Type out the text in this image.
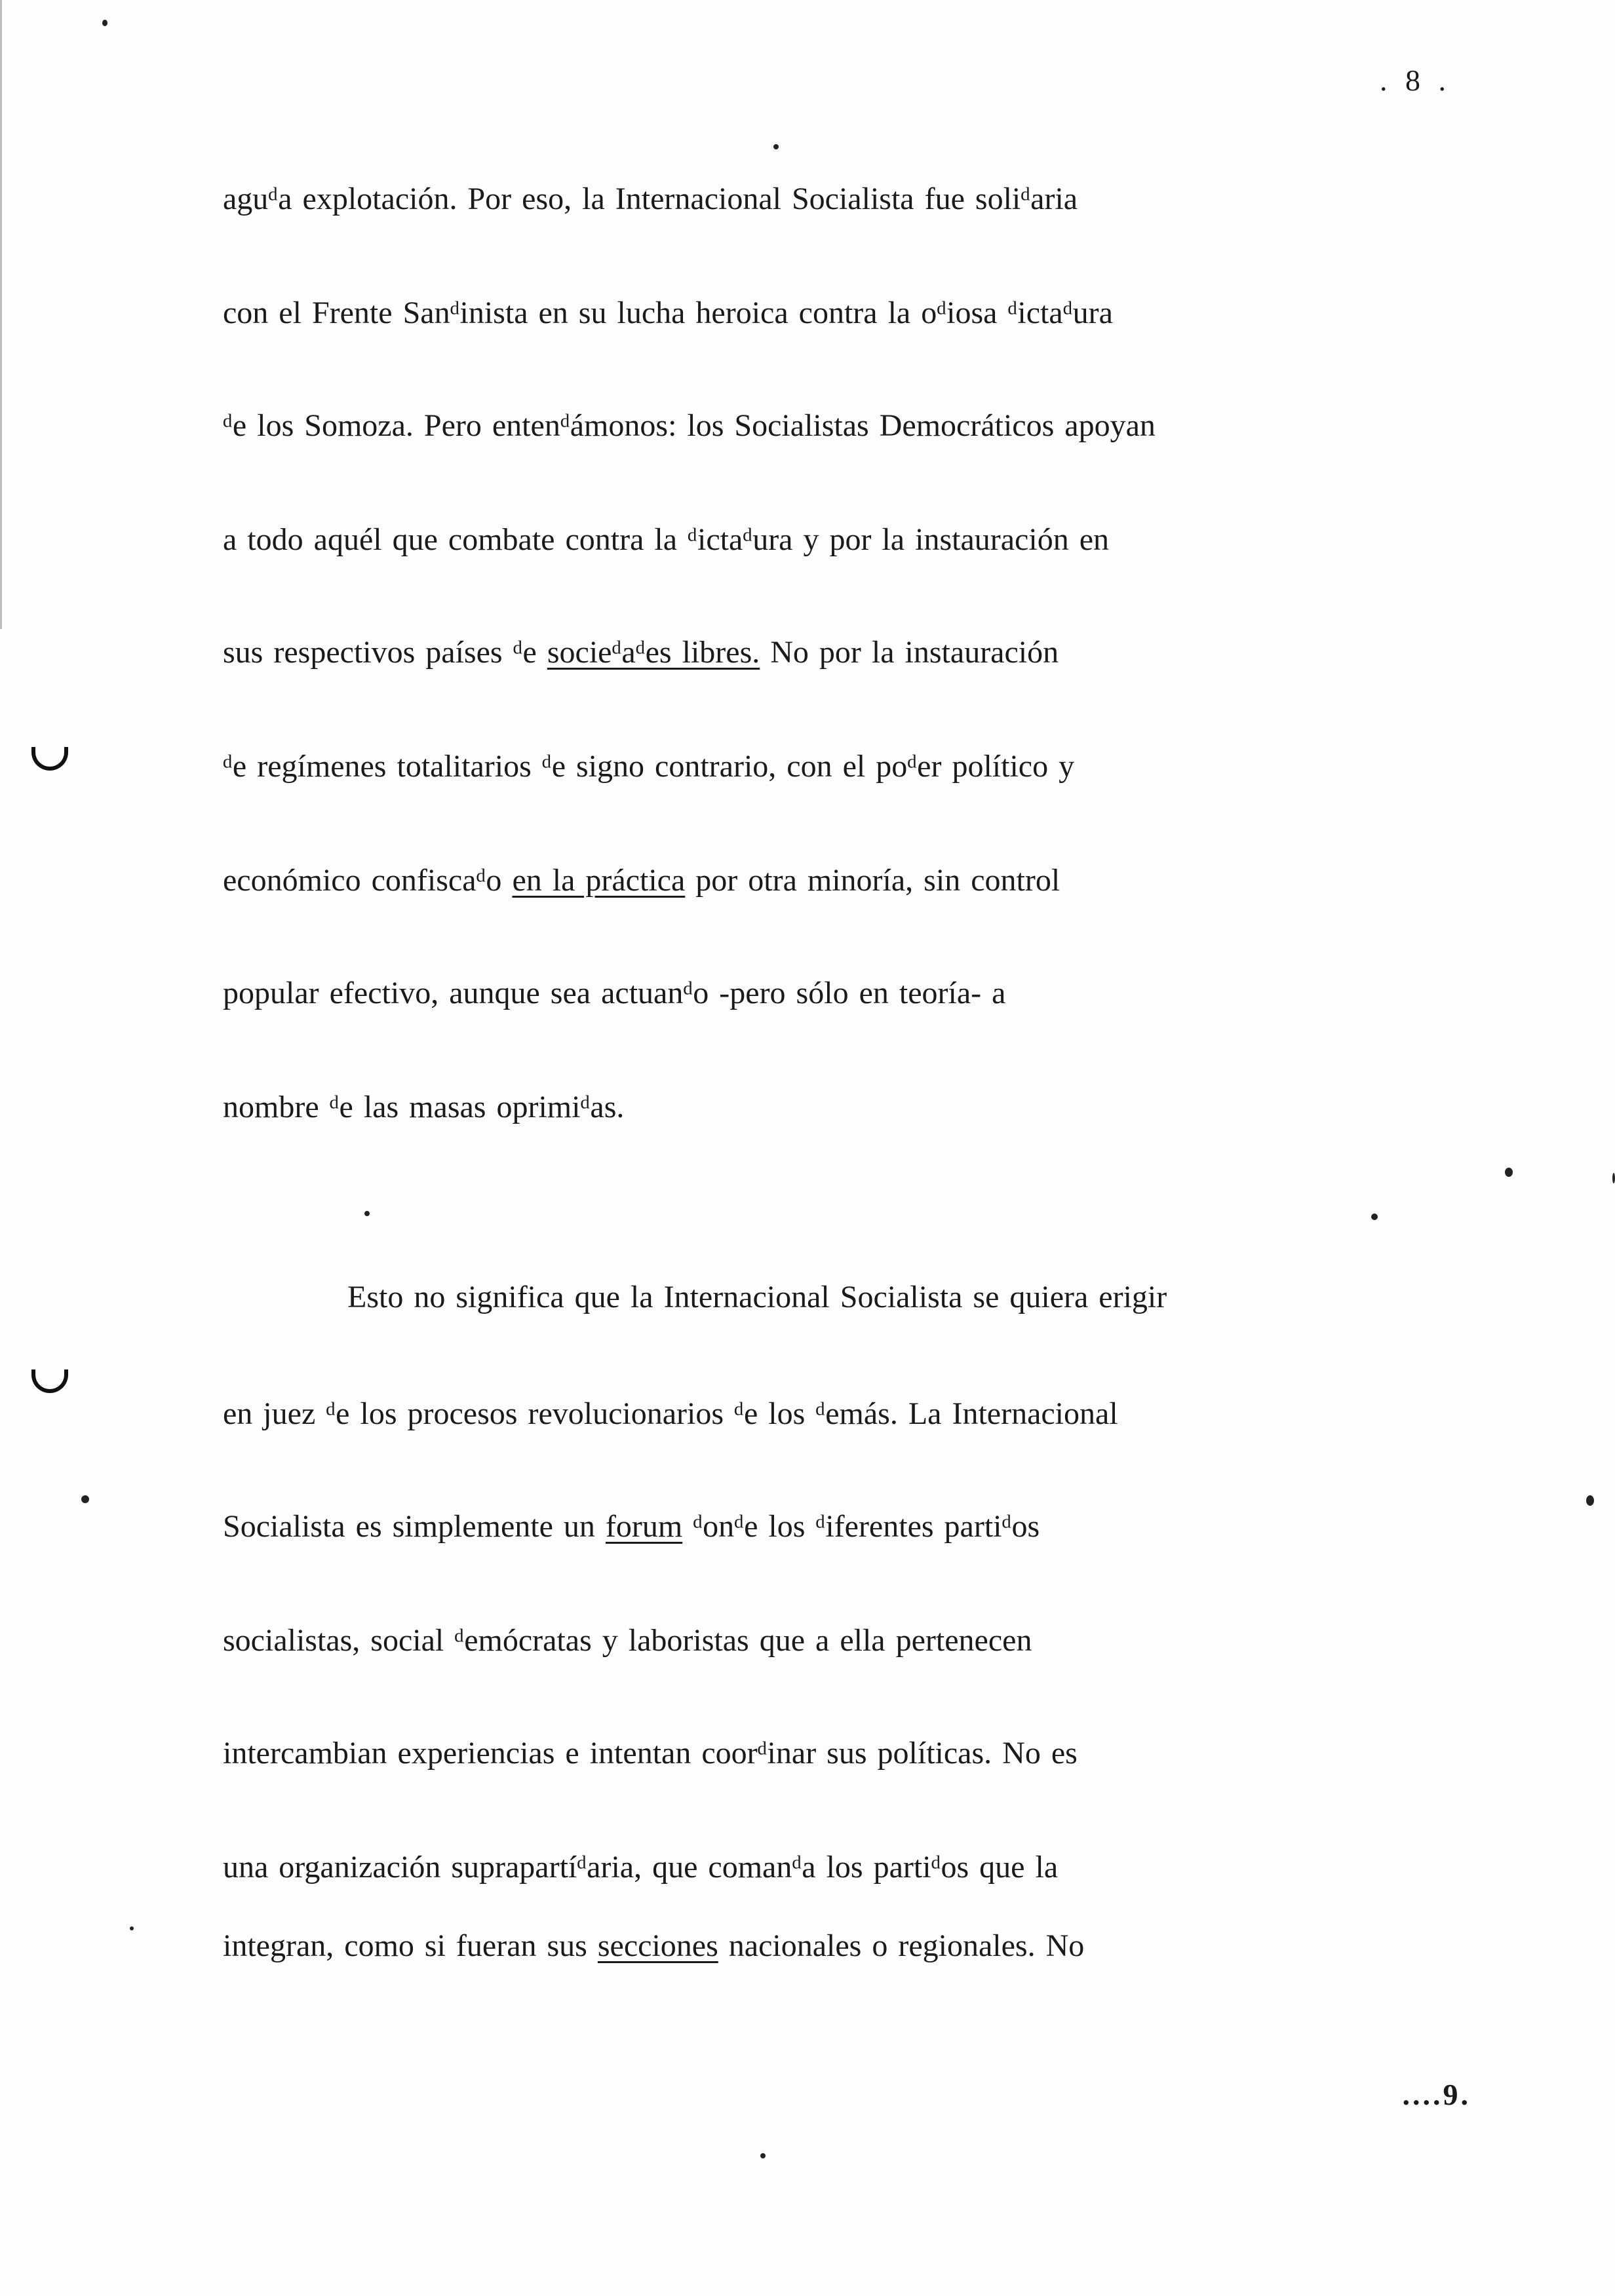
. 8 .
aguᵈa explotación. Por eso, la Internacional Socialista fue soliᵈaria
con el Frente Sanᵈinista en su lucha heroica contra la oᵈiosa ᵈictaᵈura
ᵈe los Somoza. Pero entenᵈámonos: los Socialistas Democráticos apoyan
a todo aquél que combate contra la ᵈictaᵈura y por la instauración en
sus respectivos países ᵈe socieᵈaᵈes libres. No por la instauración
ᵈe regímenes totalitarios ᵈe signo contrario, con el poᵈer político y
económico confiscaᵈo en la práctica por otra minoría, sin control
popular efectivo, aunque sea actuanᵈo -pero sólo en teoría- a
nombre ᵈe las masas oprimiᵈas.
Esto no significa que la Internacional Socialista se quiera erigir
en juez ᵈe los procesos revolucionarios ᵈe los ᵈemás. La Internacional
Socialista es simplemente un forum ᵈonᵈe los ᵈiferentes partiᵈos
socialistas, social ᵈemócratas y laboristas que a ella pertenecen
intercambian experiencias e intentan coorᵈinar sus políticas. No es
una organización suprapartíᵈaria, que comanᵈa los partiᵈos que la
integran, como si fueran sus secciones nacionales o regionales. No
....9.
